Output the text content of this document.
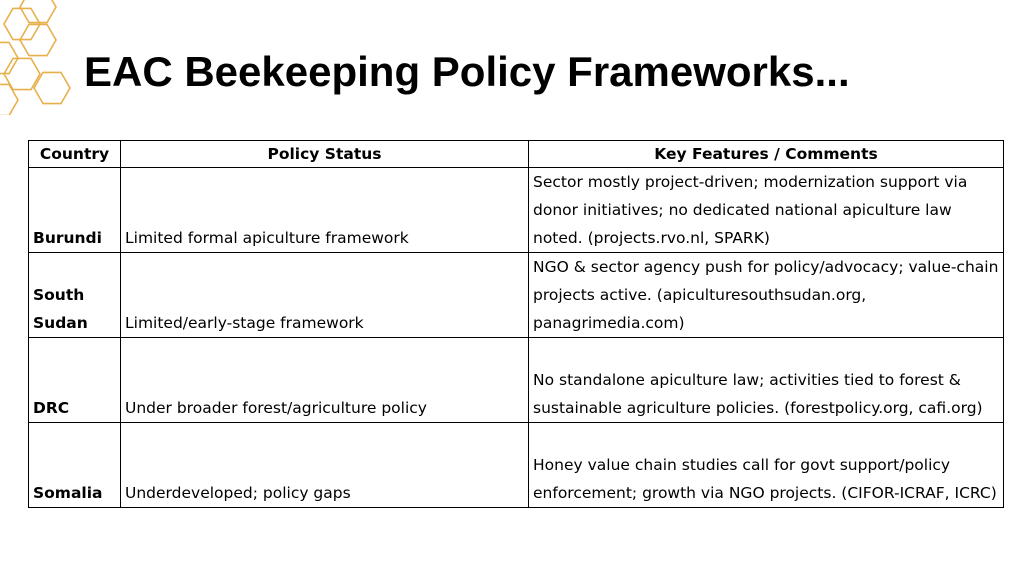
EAC Beekeeping Policy Frameworks...
Country	Policy Status	Key Features / Comments
Burundi	Limited formal apiculture framework	Sector mostly project-driven; modernization support via donor initiatives; no dedicated national apiculture law noted. (projects.rvo.nl, SPARK)
South Sudan	Limited/early-stage framework	NGO & sector agency push for policy/advocacy; value-chain projects active. (apiculturesouthsudan.org, panagrimedia.com)
DRC	Under broader forest/agriculture policy	No standalone apiculture law; activities tied to forest & sustainable agriculture policies. (forestpolicy.org, cafi.org)
Somalia	Underdeveloped; policy gaps	Honey value chain studies call for govt support/policy enforcement; growth via NGO projects. (CIFOR-ICRAF, ICRC)
